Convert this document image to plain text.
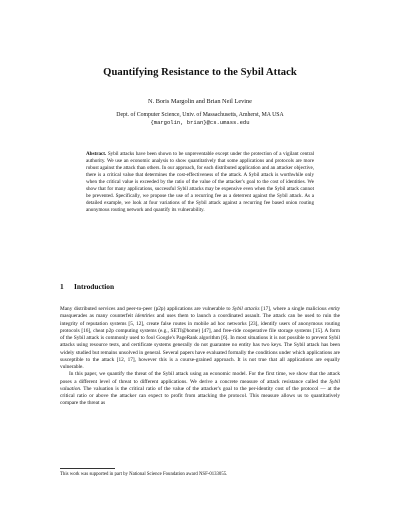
Quantifying Resistance to the Sybil Attack
N. Boris Margolin and Brian Neil Levine
Dept. of Computer Science, Univ. of Massachusetts, Amherst, MA USA
{margolin, brian}@cs.umass.edu

Abstract. Sybil attacks have been shown to be unpreventable except under the protection of a vigilant central authority. We use an economic analysis to show quantitatively that some applications and protocols are more robust against the attack than others. In our approach, for each distributed application and an attacker objective, there is a critical value that determines the cost-effectiveness of the attack. A Sybil attack is worthwhile only when the critical value is exceeded by the ratio of the value of the attacker's goal to the cost of identities. We show that for many applications, successful Sybil attacks may be expensive even when the Sybil attack cannot be prevented. Specifically, we propose the use of a recurring fee as a deterrent against the Sybil attack. As a detailed example, we look at four variations of the Sybil attack against a recurring fee based onion routing anonymous routing network and quantify its vulnerability.

1 Introduction

Many distributed services and peer-to-peer (p2p) applications are vulnerable to Sybil attacks [17], where a single malicious entity masquerades as many counterfeit identities and uses them to launch a coordinated assault. The attack can be used to ruin the integrity of reputation systems [5, 12], create false routes in mobile ad hoc networks [23], identify users of anonymous routing protocols [16], cheat p2p computing systems (e.g., SETI@home) [47], and free-ride cooperative file storage systems [15]. A form of the Sybil attack is commonly used to fool Google's PageRank algorithm [6]. In most situations it is not possible to prevent Sybil attacks using resource tests, and certificate systems generally do not guarantee no entity has two keys. The Sybil attack has been widely studied but remains unsolved in general. Several papers have evaluated formally the conditions under which applications are susceptible to the attack [12, 17], however this is a course-grained approach. It is not true that all applications are equally vulnerable.

In this paper, we quantify the threat of the Sybil attack using an economic model. For the first time, we show that the attack poses a different level of threat to different applications. We derive a concrete measure of attack resistance called the Sybil valuation. The valuation is the critical ratio of the value of the attacker's goal to the per-identity cost of the protocol — at the critical ratio or above the attacker can expect to profit from attacking the protocol. This measure allows us to quantitatively compare the threat as

This work was supported in part by National Science Foundation award NSF-0133055.
